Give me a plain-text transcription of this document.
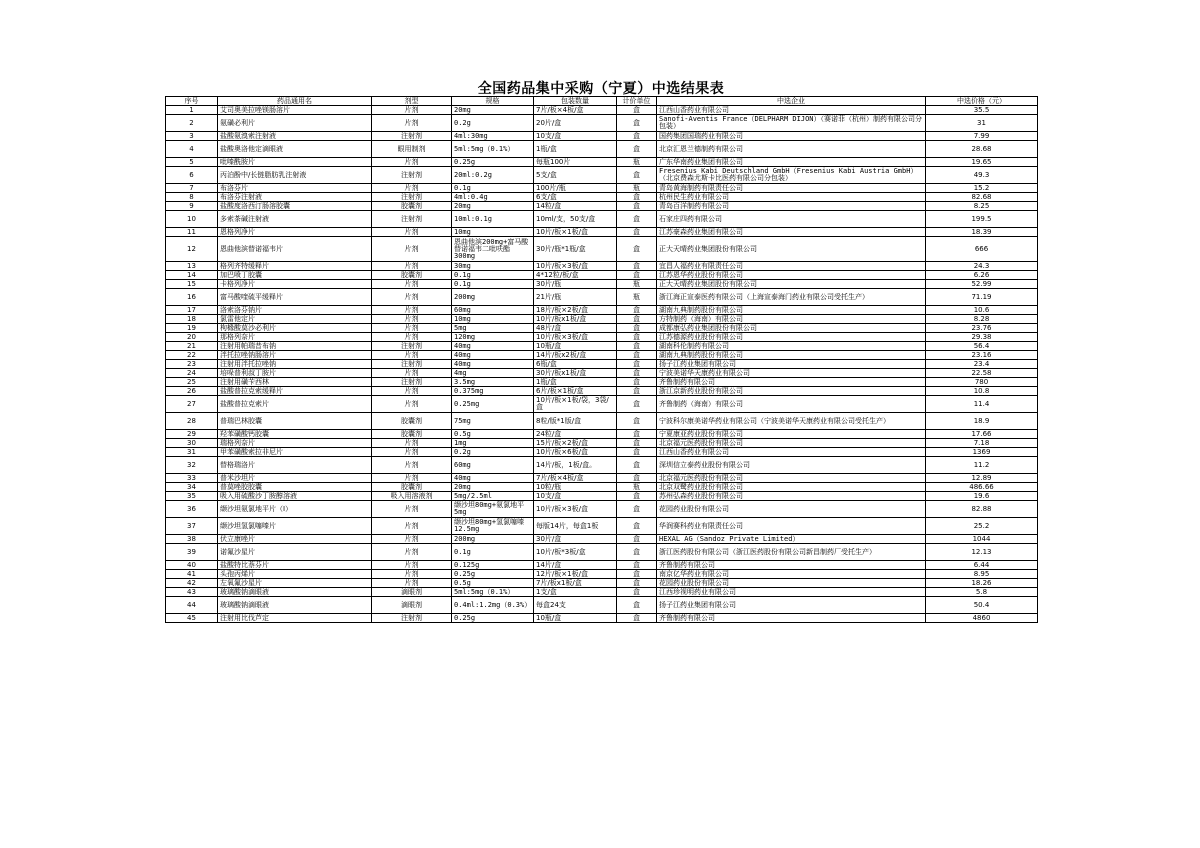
全国药品集中采购（宁夏）中选结果表
序号	药品通用名	剂型	规格	包装数量	计价单位	中选企业	中选价格（元）
1	艾司奥美拉唑镁肠溶片	片剂	20mg	7片/板×4板/盒	盒	江西山香药业有限公司	35.5
2	氨磺必利片	片剂	0.2g	20片/盒	盒	Sanofi-Aventis France（DELPHARM DIJON）（赛诺菲（杭州）制药有限公司分包装）	31
3	盐酸氨溴索注射液	注射剂	4ml:30mg	10支/盒	盒	国药集团国瑞药业有限公司	7.99
4	盐酸奥洛他定滴眼液	眼用制剂	5ml:5mg（0.1%）	1瓶/盒	盒	北京汇恩兰德制药有限公司	28.68
5	吡嗪酰胺片	片剂	0.25g	每瓶100片	瓶	广东华南药业集团有限公司	19.65
6	丙泊酚中/长链脂肪乳注射液	注射剂	20ml:0.2g	5支/盒	盒	Fresenius Kabi Deutschland GmbH（Fresenius Kabi Austria GmbH）（北京费森尤斯卡比医药有限公司分包装）	49.3
7	布洛芬片	片剂	0.1g	100片/瓶	瓶	青岛黄海制药有限责任公司	15.2
8	布洛芬注射液	注射剂	4ml:0.4g	6支/盒	盒	杭州民生药业有限公司	82.68
9	盐酸度洛西汀肠溶胶囊	胶囊剂	20mg	14粒/盒	盒	青岛百洋制药有限公司	8.25
10	多索茶碱注射液	注射剂	10ml:0.1g	10ml/支，50支/盒	盒	石家庄四药有限公司	199.5
11	恩格列净片	片剂	10mg	10片/板×1板/盒	盒	江苏豪森药业集团有限公司	18.39
12	恩曲他滨替诺福韦片	片剂	恩曲他滨200mg+富马酸替诺福韦二吡呋酯300mg	30片/瓶*1瓶/盒	盒	正大天晴药业集团股份有限公司	666
13	格列齐特缓释片	片剂	30mg	10片/板×3板/盒	盒	宜昌人福药业有限责任公司	24.3
14	加巴喷丁胶囊	胶囊剂	0.1g	4*12粒/板/盒	盒	江苏恩华药业股份有限公司	6.26
15	卡格列净片	片剂	0.1g	30片/瓶	瓶	正大天晴药业集团股份有限公司	52.99
16	富马酸喹硫平缓释片	片剂	200mg	21片/瓶	瓶	浙江海正宣泰医药有限公司（上海宣泰海门药业有限公司受托生产）	71.19
17	洛索洛芬钠片	片剂	60mg	18片/板×2板/盒	盒	湖南九典制药股份有限公司	10.6
18	氯雷他定片	片剂	10mg	10片/板x1板/盒	盒	方特制药（海南）有限公司	8.28
19	枸橼酸莫沙必利片	片剂	5mg	48片/盒	盒	成都康弘药业集团股份有限公司	23.76
20	那格列奈片	片剂	120mg	10片/板×3板/盒	盒	江苏德源药业股份有限公司	29.38
21	注射用帕瑞昔布钠	注射剂	40mg	10瓶/盒	盒	湖南科伦制药有限公司	56.4
22	泮托拉唑钠肠溶片	片剂	40mg	14片/板x2板/盒	盒	湖南九典制药股份有限公司	23.16
23	注射用泮托拉唑钠	注射剂	40mg	6瓶/盒	盒	扬子江药业集团有限公司	23.4
24	培哚普利叔丁胺片	片剂	4mg	30片/板x1板/盒	盒	宁波美诺华天康药业有限公司	22.58
25	注射用磺苄西林	注射剂	3.5mg	1瓶/盒	盒	齐鲁制药有限公司	780
26	盐酸普拉克索缓释片	片剂	0.375mg	6片/板×1板/盒	盒	浙江京新药业股份有限公司	10.8
27	盐酸普拉克索片	片剂	0.25mg	10片/板×1板/袋，3袋/盒	盒	齐鲁制药（海南）有限公司	11.4
28	普瑞巴林胶囊	胶囊剂	75mg	8粒/版*1版/盒	盒	宁波科尔康美诺华药业有限公司（宁波美诺华天康药业有限公司受托生产）	18.9
29	羟苯磺酸钙胶囊	胶囊剂	0.5g	24粒/盒	盒	宁夏康亚药业股份有限公司	17.66
30	瑞格列奈片	片剂	1mg	15片/板×2板/盒	盒	北京福元医药股份有限公司	7.18
31	甲苯磺酸索拉非尼片	片剂	0.2g	10片/板×6板/盒	盒	江西山香药业有限公司	1369
32	替格瑞洛片	片剂	60mg	14片/板，1板/盒。	盒	深圳信立泰药业股份有限公司	11.2
33	普米沙坦片	片剂	40mg	7片/板×4板/盒	盒	北京福元医药股份有限公司	12.89
34	普莫唑胶胶囊	胶囊剂	20mg	10粒/瓶	瓶	北京双鹭药业股份有限公司	486.66
35	吸入用硫酸沙丁胺醇溶液	吸入用溶液剂	5mg/2.5ml	10支/盒	盒	苏州弘森药业股份有限公司	19.6
36	缬沙坦氨氯地平片（Ⅰ）	片剂	缬沙坦80mg+氨氯地平5mg	10片/板×3板/盒	盒	花园药业股份有限公司	82.88
37	缬沙坦氢氯噻嗪片	片剂	缬沙坦80mg+氢氯噻嗪12.5mg	每版14片，每盒1板	盒	华润赛科药业有限责任公司	25.2
38	伏立康唑片	片剂	200mg	30片/盒	盒	HEXAL AG（Sandoz Private Limited）	1044
39	诺氟沙星片	片剂	0.1g	10片/板*3板/盒	盒	浙江医药股份有限公司（浙江医药股份有限公司新昌制药厂受托生产）	12.13
40	盐酸特比萘芬片	片剂	0.125g	14片/盒	盒	齐鲁制药有限公司	6.44
41	头孢丙烯片	片剂	0.25g	12片/板×1板/盒	盒	南京亿华药业有限公司	8.95
42	左氧氟沙星片	片剂	0.5g	7片/板x1板/盒	盒	花园药业股份有限公司	18.26
43	玻璃酸钠滴眼液	滴眼剂	5ml:5mg（0.1%）	1支/盒	盒	江西珍视明药业有限公司	5.8
44	玻璃酸钠滴眼液	滴眼剂	0.4ml:1.2mg（0.3%）	每盒24支	盒	扬子江药业集团有限公司	50.4
45	注射用比伐芦定	注射剂	0.25g	10瓶/盒	盒	齐鲁制药有限公司	4860
